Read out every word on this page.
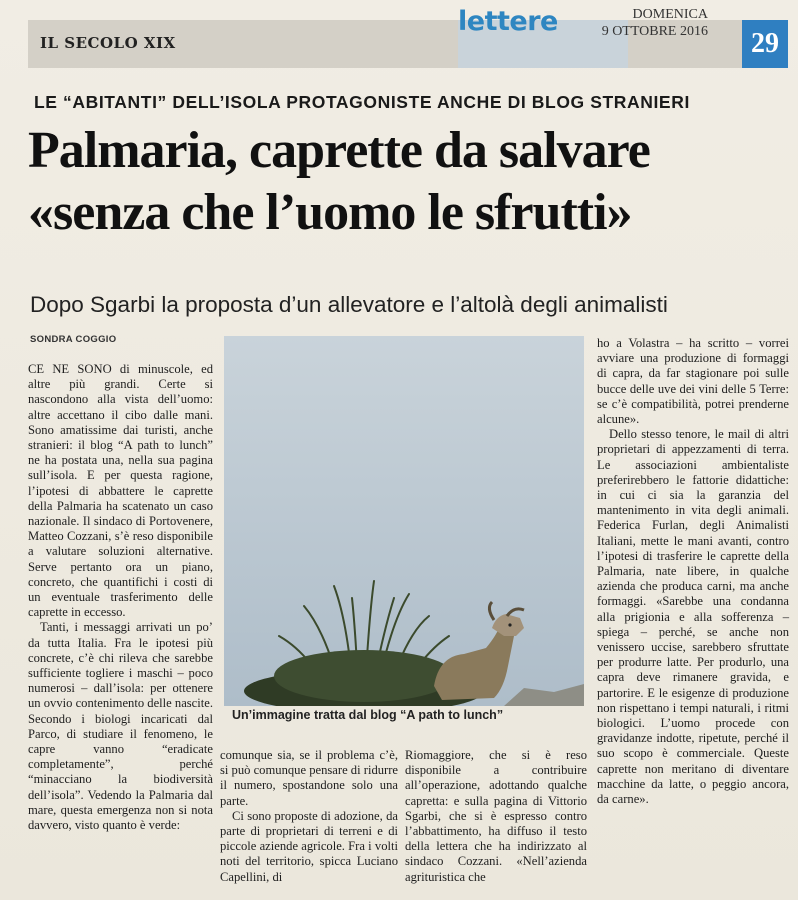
IL SECOLO XIX
lettere	DOMENICA
9 OTTOBRE 2016	29
LE “ABITANTI” DELL’ISOLA PROTAGONISTE ANCHE DI BLOG STRANIERI
Palmaria, caprette da salvare
«senza che l’uomo le sfrutti»
Dopo Sgarbi la proposta d’un allevatore e l’altolà degli animalisti
SONDRA COGGIO

CE NE SONO di minuscole, ed altre più grandi. Certe si nascondono alla vista dell’uomo: altre accettano il cibo dalle mani. Sono amatissime dai turisti, anche stranieri: il blog “A path to lunch” ne ha postata una, nella sua pagina sull’isola. E per questa ragione, l’ipotesi di abbattere le caprette della Palmaria ha scatenato un caso nazionale. Il sindaco di Portovenere, Matteo Cozzani, s’è reso disponibile a valutare soluzioni alternative. Serve pertanto ora un piano, concreto, che quantifichi i costi di un eventuale trasferimento delle caprette in eccesso.

Tanti, i messaggi arrivati un po’ da tutta Italia. Fra le ipotesi più concrete, c’è chi rileva che sarebbe sufficiente togliere i maschi – poco numerosi – dall’isola: per ottenere un ovvio contenimento delle nascite. Secondo i biologi incaricati dal Parco, di studiare il fenomeno, le capre vanno “eradicate completamente”, perché “minacciano la biodiversità dell’isola”. Vedendo la Palmaria dal mare, questa emergenza non si nota davvero, visto quanto è verde:

Un’immagine tratta dal blog “A path to lunch”

comunque sia, se il problema c’è, si può comunque pensare di ridurre il numero, spostandone solo una parte.

Ci sono proposte di adozione, da parte di proprietari di terreni e di piccole aziende agricole. Fra i volti noti del territorio, spicca Luciano Capellini, di

Riomaggiore, che si è reso disponibile a contribuire all’operazione, adottando qualche capretta: e sulla pagina di Vittorio Sgarbi, che si è espresso contro l’abbattimento, ha diffuso il testo della lettera che ha indirizzato al sindaco Cozzani. «Nell’azienda agrituristica che

ho a Volastra – ha scritto – vorrei avviare una produzione di formaggi di capra, da far stagionare poi sulle bucce delle uve dei vini delle 5 Terre: se c’è compatibilità, potrei prenderne alcune».

Dello stesso tenore, le mail di altri proprietari di appezzamenti di terra. Le associazioni ambientaliste preferirebbero le fattorie didattiche: in cui ci sia la garanzia del mantenimento in vita degli animali. Federica Furlan, degli Animalisti Italiani, mette le mani avanti, contro l’ipotesi di trasferire le caprette della Palmaria, nate libere, in qualche azienda che produca carni, ma anche formaggi. «Sarebbe una condanna alla prigionia e alla sofferenza – spiega – perché, se anche non venissero uccise, sarebbero sfruttate per produrre latte. Per produrlo, una capra deve rimanere gravida, e partorire. E le esigenze di produzione non rispettano i tempi naturali, i ritmi biologici. L’uomo procede con gravidanze indotte, ripetute, perché il suo scopo è commerciale. Queste caprette non meritano di diventare macchine da latte, o peggio ancora, da carne».
